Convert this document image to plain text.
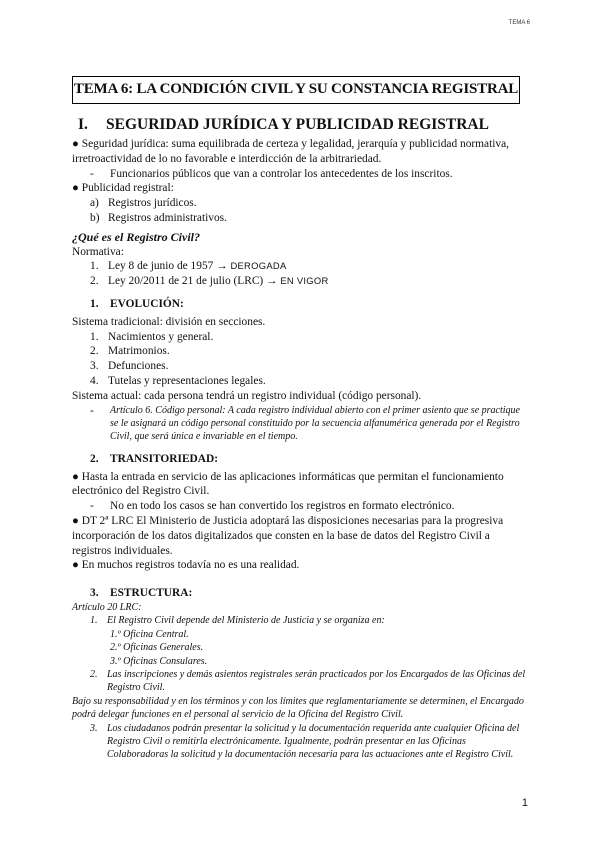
TEMA 6
TEMA 6: LA CONDICIÓN CIVIL Y SU CONSTANCIA REGISTRAL
I. SEGURIDAD JURÍDICA Y PUBLICIDAD REGISTRAL

● Seguridad jurídica: suma equilibrada de certeza y legalidad, jerarquía y publicidad normativa, irretroactividad de lo no favorable e interdicción de la arbitrariedad.

-	Funcionarios públicos que van a controlar los antecedentes de los inscritos.

● Publicidad registral:

a) Registros jurídicos.
b) Registros administrativos.
¿Qué es el Registro Civil?

Normativa:

1. Ley 8 de junio de 1957 → DEROGADA
2. Ley 20/2011 de 21 de julio (LRC) → EN VIGOR
1. EVOLUCIÓN:

Sistema tradicional: división en secciones.

1. Nacimientos y general.
2. Matrimonios.
3. Defunciones.
4. Tutelas y representaciones legales.

Sistema actual: cada persona tendrá un registro individual (código personal).

-	Artículo 6. Código personal: A cada registro individual abierto con el primer asiento que se practique se le asignará un código personal constituido por la secuencia alfanumérica generada por el Registro Civil, que será única e invariable en el tiempo.
2. TRANSITORIEDAD:

● Hasta la entrada en servicio de las aplicaciones informáticas que permitan el funcionamiento electrónico del Registro Civil.

-	No en todo los casos se han convertido los registros en formato electrónico.

● DT 2ª LRC El Ministerio de Justicia adoptará las disposiciones necesarias para la progresiva incorporación de los datos digitalizados que consten en la base de datos del Registro Civil a registros individuales.

● En muchos registros todavía no es una realidad.

3. ESTRUCTURA:

Artículo 20 LRC:

1. El Registro Civil depende del Ministerio de Justicia y se organiza en:
1.º Oficina Central.
2.º Oficinas Generales.
3.º Oficinas Consulares.
2. Las inscripciones y demás asientos registrales serán practicados por los Encargados de las Oficinas del Registro Civil.

Bajo su responsabilidad y en los términos y con los límites que reglamentariamente se determinen, el Encargado podrá delegar funciones en el personal al servicio de la Oficina del Registro Civil.

3. Los ciudadanos podrán presentar la solicitud y la documentación requerida ante cualquier Oficina del Registro Civil o remitirla electrónicamente. Igualmente, podrán presentar en las Oficinas Colaboradoras la solicitud y la documentación necesaria para las actuaciones ante el Registro Civil.
1
